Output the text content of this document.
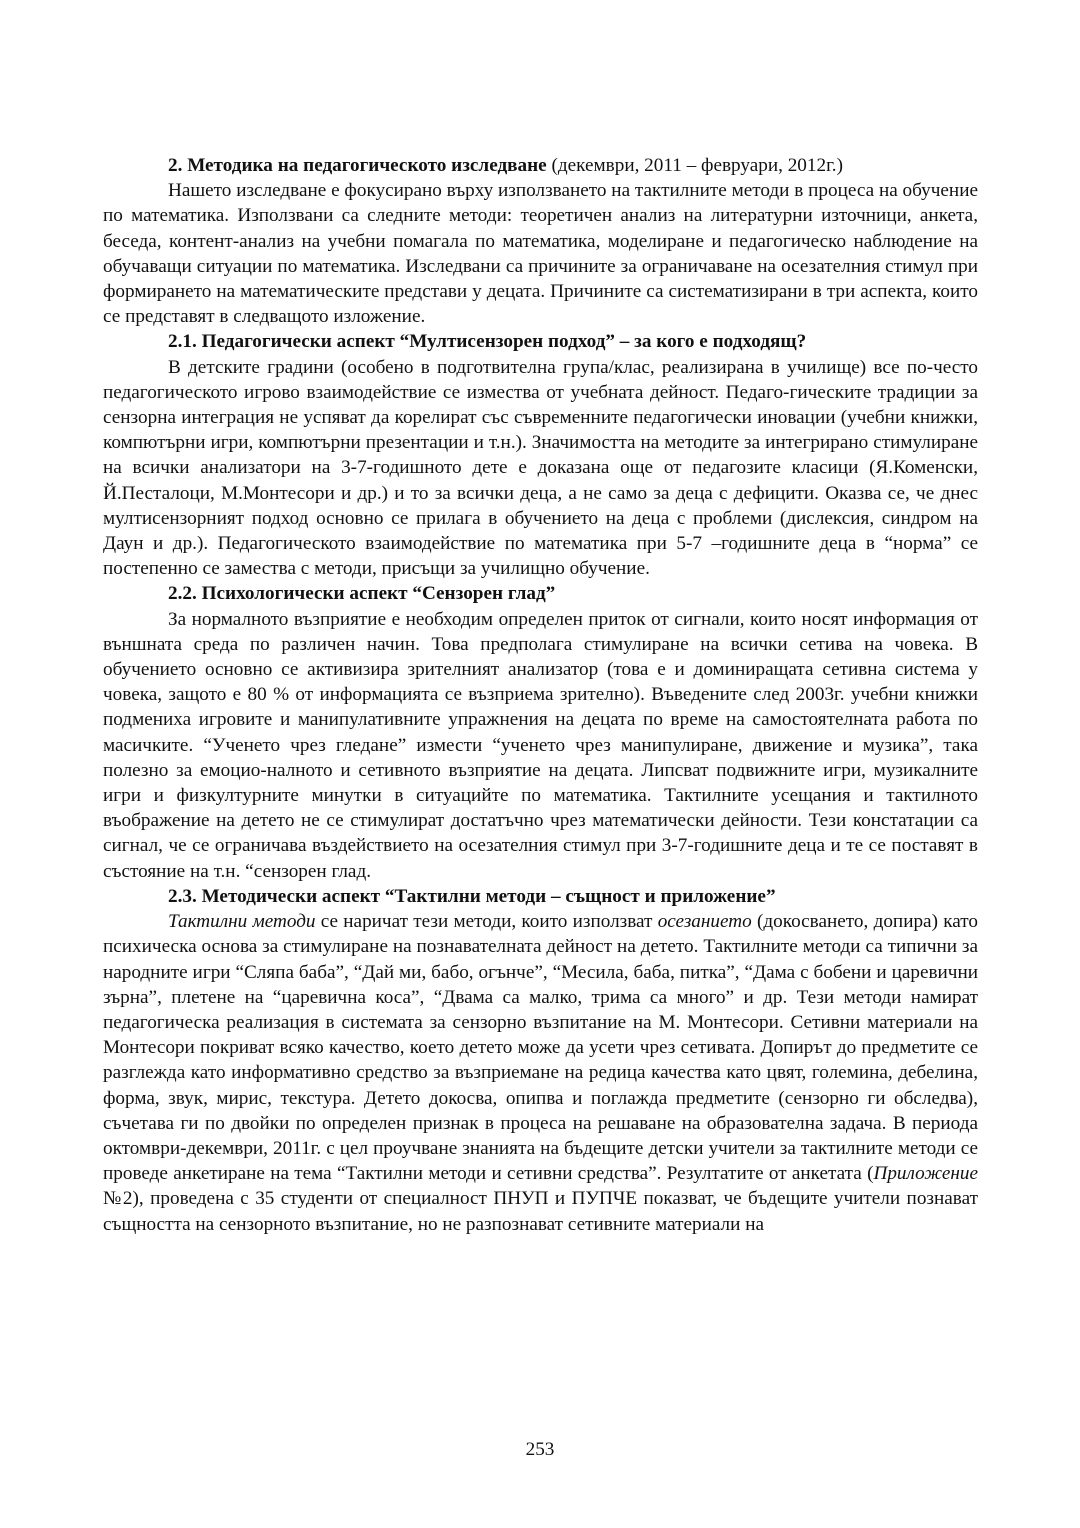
2. Методика на педагогическото изследване (декември, 2011 – февруари, 2012г.)

Нашето изследване е фокусирано върху използването на тактилните методи в процеса на обучение по математика. Използвани са следните методи: теоретичен анализ на литературни източници, анкета, беседа, контент-анализ на учебни помагала по математика, моделиране и педагогическо наблюдение на обучаващи ситуации по математика. Изследвани са причините за ограничаване на осезателния стимул при формирането на математическите представи у децата. Причините са систематизирани в три аспекта, които се представят в следващото изложение.

2.1. Педагогически аспект “Мултисензорен подход” – за кого е подходящ?

В детските градини (особено в подготвителна група/клас, реализирана в училище) все по-често педагогическото игрово взаимодействие се измества от учебната дейност. Педаго-гическите традиции за сензорна интеграция не успяват да корелират със съвременните педагогически иновации (учебни книжки, компютърни игри, компютърни презентации и т.н.). Значимостта на методите за интегрирано стимулиране на всички анализатори на 3-7-годишното дете е доказана още от педагозите класици (Я.Коменски, Й.Песталоци, М.Монтесори и др.) и то за всички деца, а не само за деца с дефицити. Оказва се, че днес мултисензорният подход основно се прилага в обучението на деца с проблеми (дислексия, синдром на Даун и др.). Педагогическото взаимодействие по математика при 5-7 –годишните деца в “норма” се постепенно се замества с методи, присъщи за училищно обучение.

2.2. Психологически аспект “Сензорен глад”

За нормалното възприятие е необходим определен приток от сигнали, които носят информация от външната среда по различен начин. Това предполага стимулиране на всички сетива на човека. В обучението основно се активизира зрителният анализатор (това е и доминиращата сетивна система у човека, защото е 80 % от информацията се възприема зрително). Въведените след 2003г. учебни книжки подмениха игровите и манипулативните упражнения на децата по време на самостоятелната работа по масичките. “Ученето чрез гледане” измести “ученето чрез манипулиране, движение и музика”, така полезно за емоцио-налното и сетивното възприятие на децата. Липсват подвижните игри, музикалните игри и физкултурните минутки в ситуацийте по математика. Тактилните усещания и тактилното въображение на детето не се стимулират достатъчно чрез математически дейности. Тези констатации са сигнал, че се ограничава въздействието на осезателния стимул при 3-7-годишните деца и те се поставят в състояние на т.н. “сензорен глад.

2.3. Методически аспект “Тактилни методи – същност и приложение”

Тактилни методи се наричат тези методи, които използват осезанието (докосването, допира) като психическа основа за стимулиране на познавателната дейност на детето. Тактилните методи са типични за народните игри “Сляпа баба”, “Дай ми, бабо, огънче”, “Месила, баба, питка”, “Дама с бобени и царевични зърна”, плетене на “царевична коса”, “Двама са малко, трима са много” и др. Тези методи намират педагогическа реализация в системата за сензорно възпитание на М. Монтесори. Сетивни материали на Монтесори покриват всяко качество, което детето може да усети чрез сетивата. Допирът до предметите се разглежда като информативно средство за възприемане на редица качества като цвят, големина, дебелина, форма, звук, мирис, текстура. Детето докосва, опипва и поглажда предметите (сензорно ги обследва), съчетава ги по двойки по определен признак в процеса на решаване на образователна задача. В периода октомври-декември, 2011г. с цел проучване знанията на бъдещите детски учители за тактилните методи се проведе анкетиране на тема “Тактилни методи и сетивни средства”. Резултатите от анкетата (Приложение №2), проведена с 35 студенти от специалност ПНУП и ПУПЧЕ показват, че бъдещите учители познават същността на сензорното възпитание, но не разпознават сетивните материали на

253
